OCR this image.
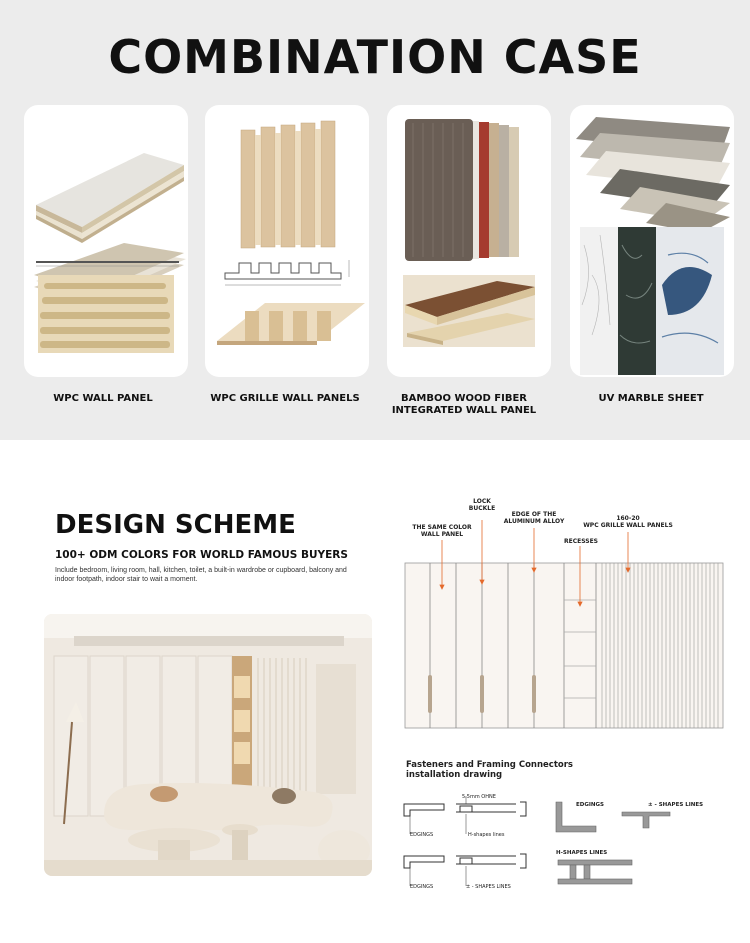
COMBINATION CASE
WPC WALL PANEL	WPC GRILLE WALL PANELS	BAMBOO WOOD FIBER
INTEGRATED WALL PANEL
UV MARBLE SHEET
DESIGN SCHEME
100+ ODM COLORS FOR WORLD FAMOUS BUYERS
Include bedroom, living room, hall, kitchen, toilet, a built-in wardrobe or cupboard, balcony and indoor footpath, indoor stair to wait a moment.
THE SAME COLOR
WALL PANEL
LOCK
BUCKLE
EDGE OF THE
ALUMINUM ALLOY
RECESSES
160-20
WPC GRILLE WALL PANELS
Fasteners and Framing Connectors
installation drawing
EDGINGS	H-shapes lines
5.5mm OHNE
EDGINGS	± - SHAPES LINES
EDGINGS	± - SHAPES LINES
H-SHAPES LINES
